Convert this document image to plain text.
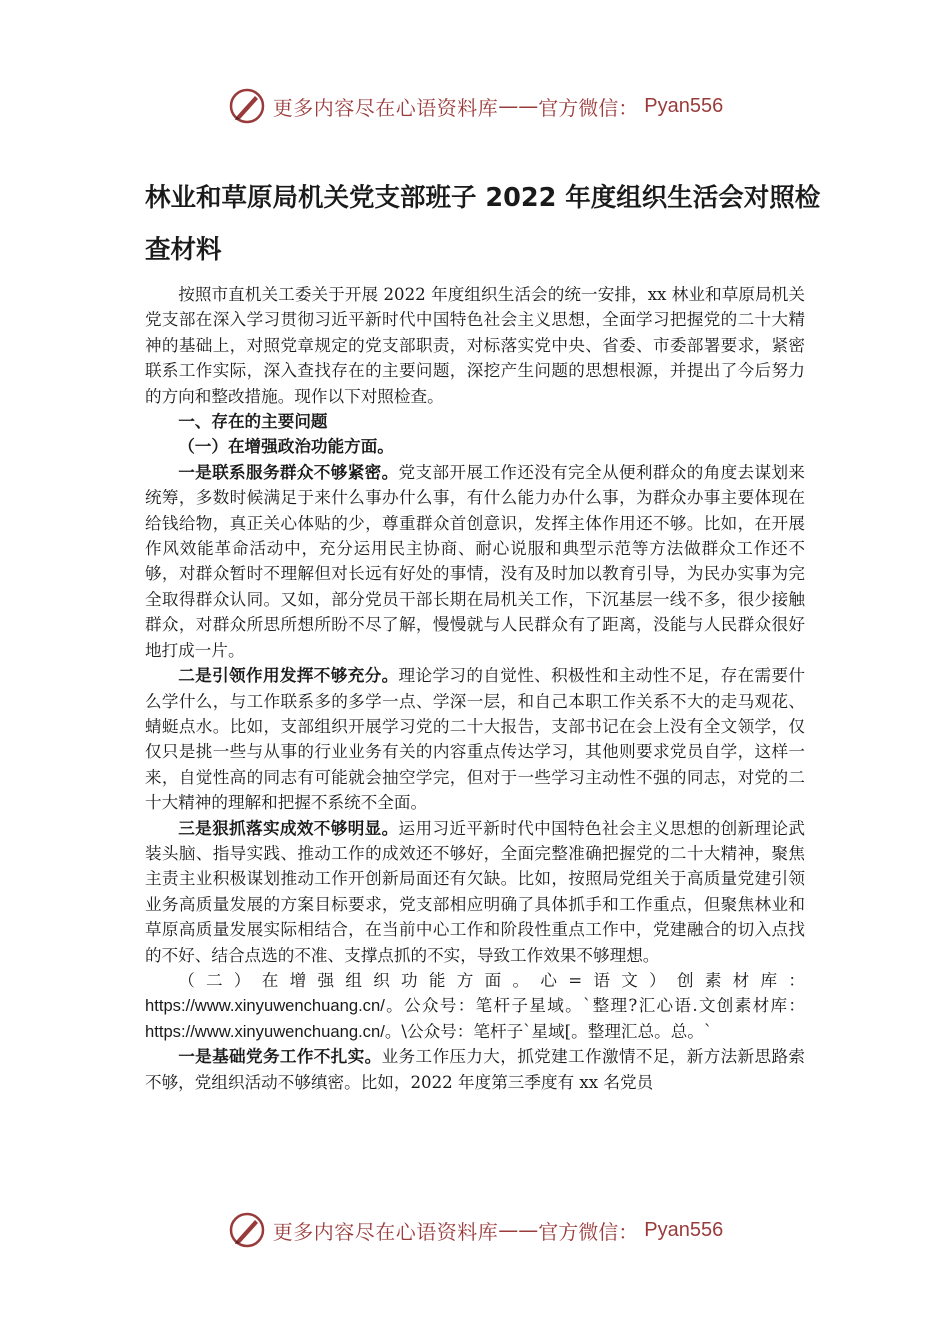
更多内容尽在心语资料库 —— 官方微信： Pyan556
林业和草原局机关党支部班子 2022 年度组织生活会对照检查材料

按照市直机关工委关于开展 2022 年度组织生活会的统一安排，xx 林业和草原局机关党支部在深入学习贯彻习近平新时代中国特色社会主义思想，全面学习把握党的二十大精神的基础上，对照党章规定的党支部职责，对标落实党中央、省委、市委部署要求，紧密联系工作实际，深入查找存在的主要问题，深挖产生问题的思想根源，并提出了今后努力的方向和整改措施。现作以下对照检查。

一、存在的主要问题

（一）在增强政治功能方面。

一是联系服务群众不够紧密。党支部开展工作还没有完全从便利群众的角度去谋划来统筹，多数时候满足于来什么事办什么事，有什么能力办什么事，为群众办事主要体现在给钱给物，真正关心体贴的少，尊重群众首创意识，发挥主体作用还不够。比如，在开展作风效能革命活动中，充分运用民主协商、耐心说服和典型示范等方法做群众工作还不够，对群众暂时不理解但对长远有好处的事情，没有及时加以教育引导，为民办实事为完全取得群众认同。又如，部分党员干部长期在局机关工作，下沉基层一线不多，很少接触群众，对群众所思所想所盼不尽了解，慢慢就与人民群众有了距离，没能与人民群众很好地打成一片。

二是引领作用发挥不够充分。理论学习的自觉性、积极性和主动性不足，存在需要什么学什么，与工作联系多的多学一点、学深一层，和自己本职工作关系不大的走马观花、蜻蜓点水。比如，支部组织开展学习党的二十大报告，支部书记在会上没有全文领学，仅仅只是挑一些与从事的行业业务有关的内容重点传达学习，其他则要求党员自学，这样一来，自觉性高的同志有可能就会抽空学完，但对于一些学习主动性不强的同志，对党的二十大精神的理解和把握不系统不全面。

三是狠抓落实成效不够明显。运用习近平新时代中国特色社会主义思想的创新理论武装头脑、指导实践、推动工作的成效还不够好，全面完整准确把握党的二十大精神，聚焦主责主业积极谋划推动工作开创新局面还有欠缺。比如，按照局党组关于高质量党建引领业务高质量发展的方案目标要求，党支部相应明确了具体抓手和工作重点，但聚焦林业和草原高质量发展实际相结合，在当前中心工作和阶段性重点工作中，党建融合的切入点找的不好、结合点选的不准、支撑点抓的不实，导致工作效果不够理想。

（二）在增强组织功能方面。心=语文）创素材库：https://www.xinyuwenchuang.cn/。公众号：笔杆子星域。`整理?汇心语.文创素材库：https://www.xinyuwenchuang.cn/。\公众号：笔杆子`星域[。整理汇总。总。`

一是基础党务工作不扎实。业务工作压力大，抓党建工作激情不足，新方法新思路索不够，党组织活动不够缜密。比如，2022 年度第三季度有 xx 名党员

更多内容尽在心语资料库 —— 官方微信： Pyan556
